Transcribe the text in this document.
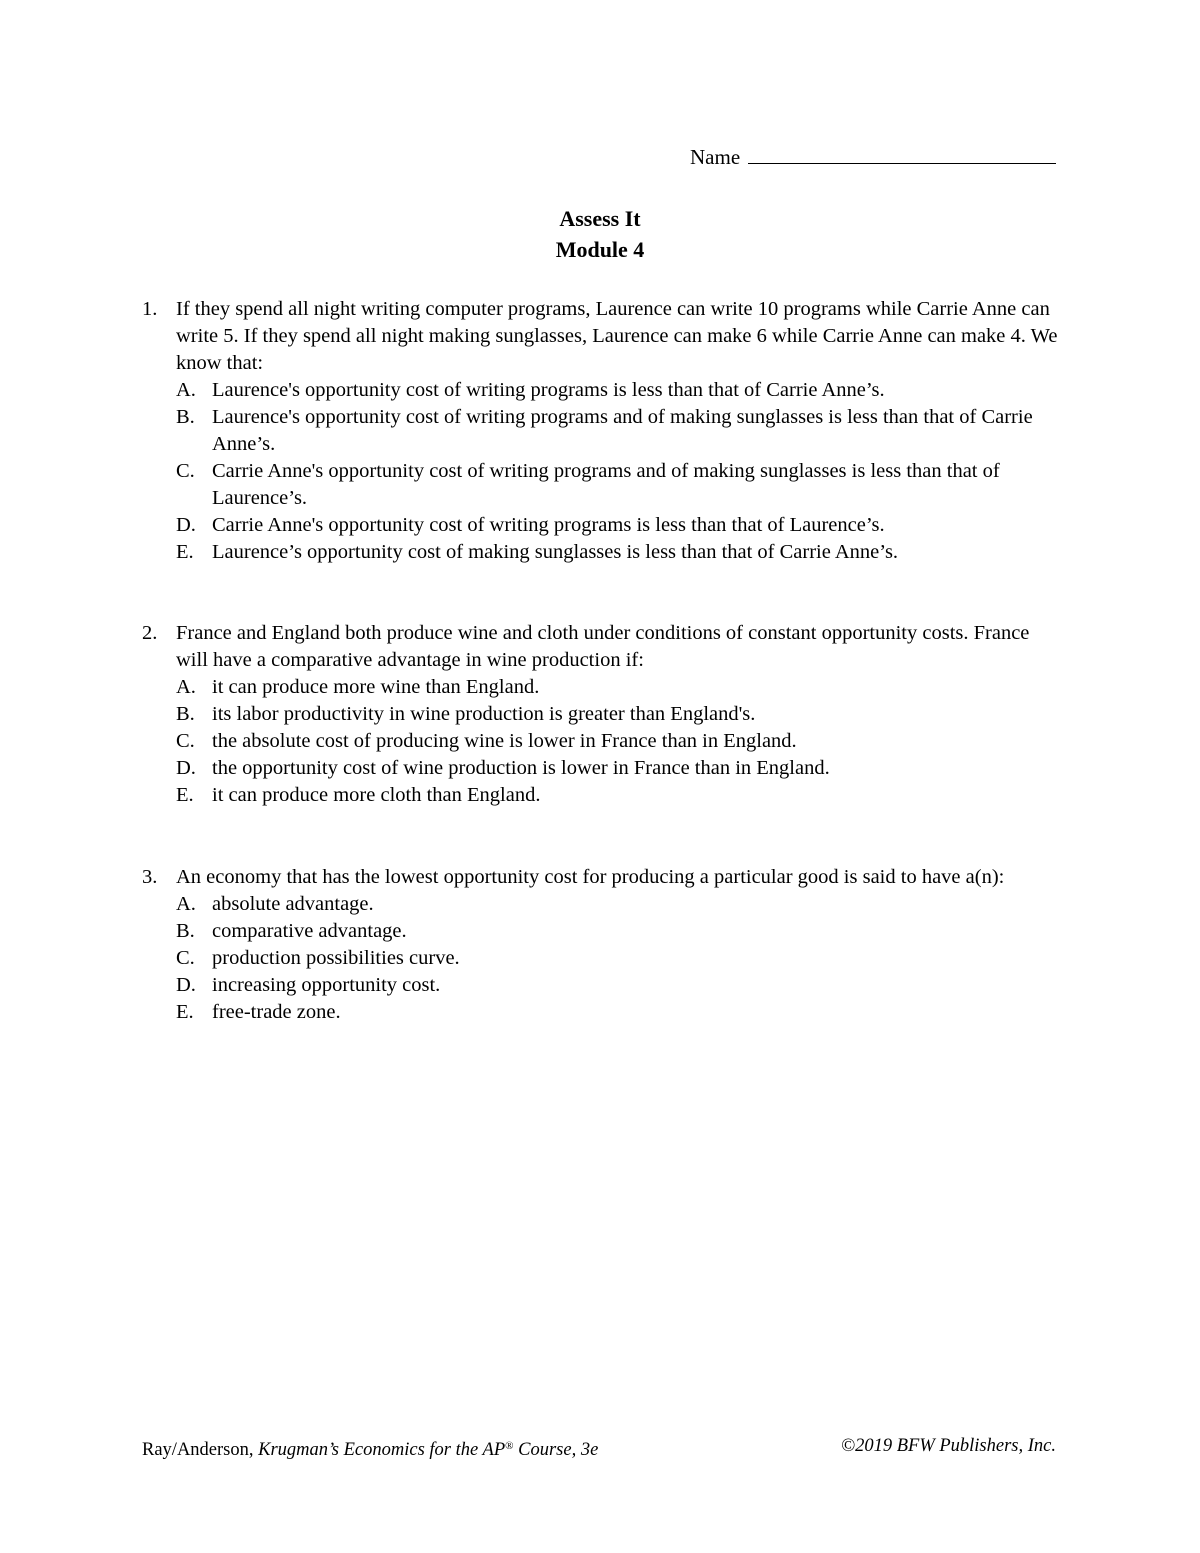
Name
Assess It
Module 4
1. If they spend all night writing computer programs, Laurence can write 10 programs while Carrie Anne can write 5. If they spend all night making sunglasses, Laurence can make 6 while Carrie Anne can make 4. We know that:
A. Laurence's opportunity cost of writing programs is less than that of Carrie Anne’s.
B. Laurence's opportunity cost of writing programs and of making sunglasses is less than that of Carrie Anne’s.
C. Carrie Anne's opportunity cost of writing programs and of making sunglasses is less than that of Laurence’s.
D. Carrie Anne's opportunity cost of writing programs is less than that of Laurence’s.
E. Laurence’s opportunity cost of making sunglasses is less than that of Carrie Anne’s.
2. France and England both produce wine and cloth under conditions of constant opportunity costs. France will have a comparative advantage in wine production if:
A. it can produce more wine than England.
B. its labor productivity in wine production is greater than England's.
C. the absolute cost of producing wine is lower in France than in England.
D. the opportunity cost of wine production is lower in France than in England.
E. it can produce more cloth than England.
3. An economy that has the lowest opportunity cost for producing a particular good is said to have a(n):
A. absolute advantage.
B. comparative advantage.
C. production possibilities curve.
D. increasing opportunity cost.
E. free-trade zone.
Ray/Anderson, Krugman’s Economics for the AP® Course, 3e	©2019 BFW Publishers, Inc.
